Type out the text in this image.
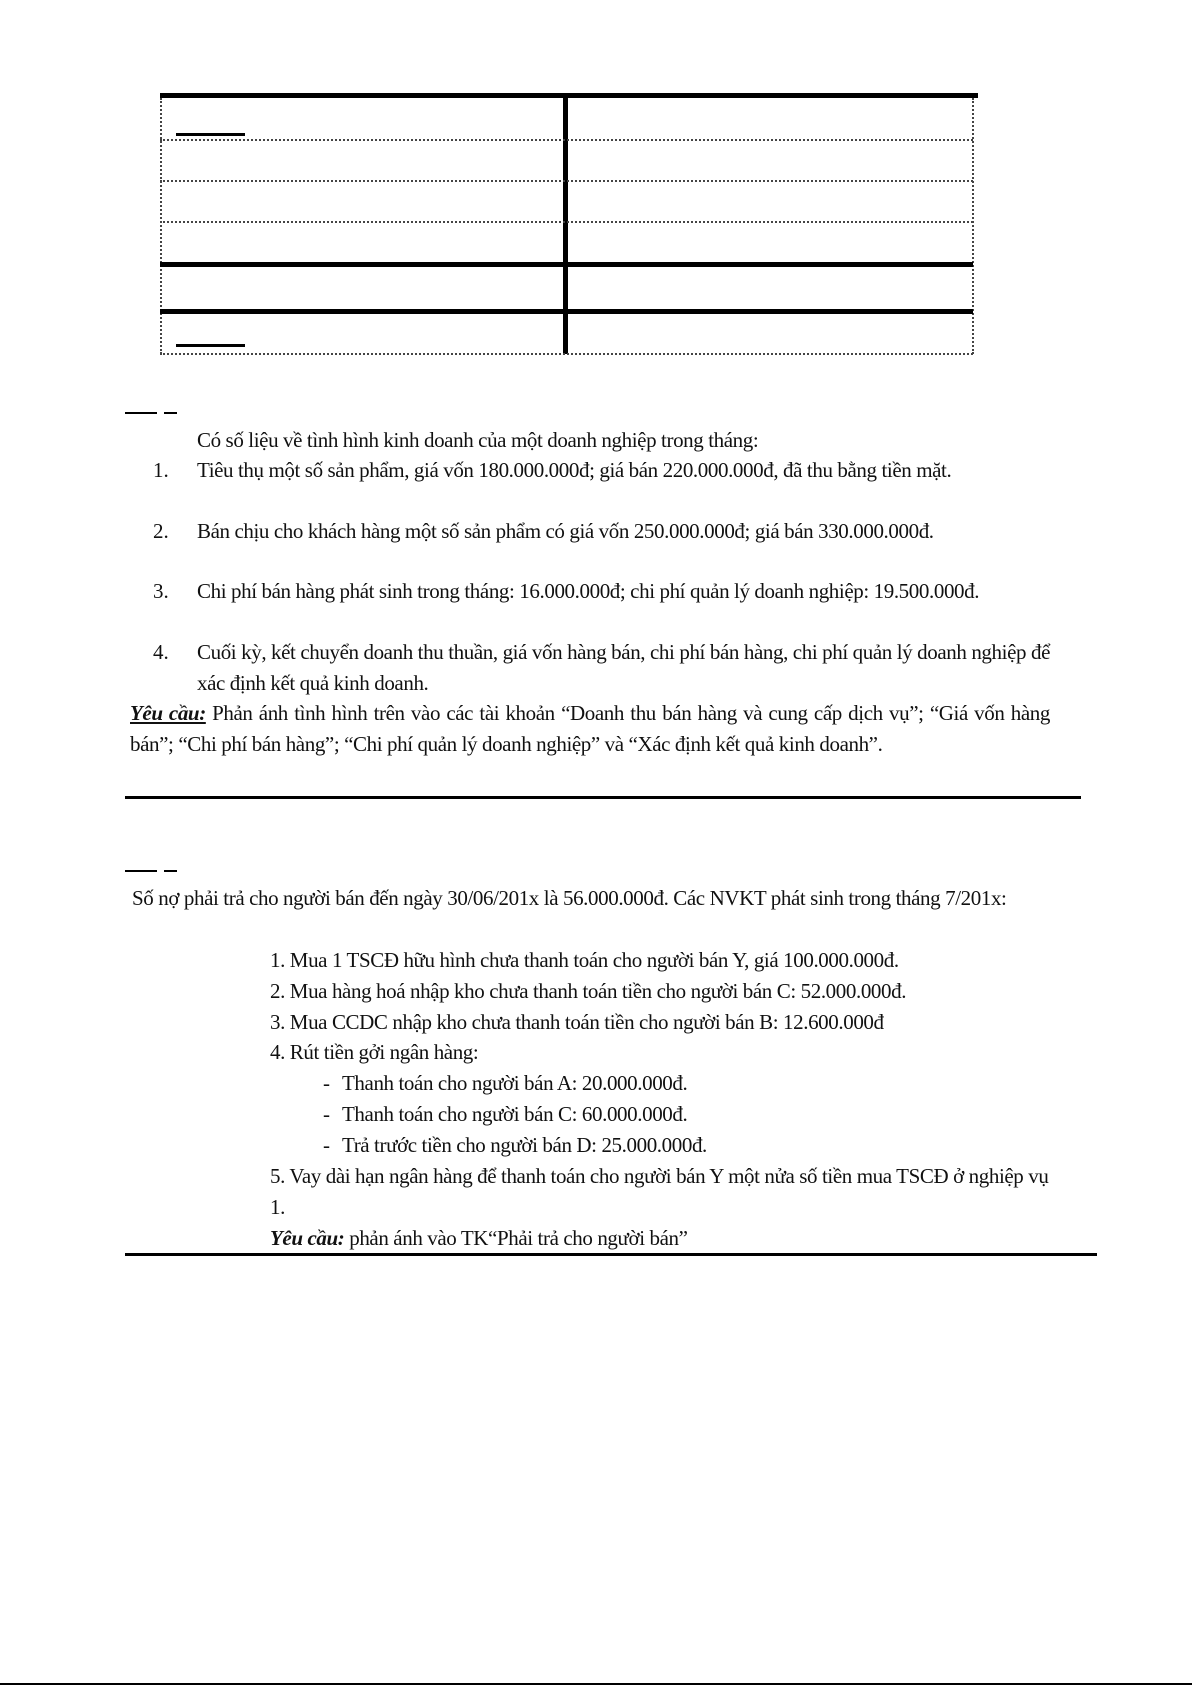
Có số liệu về tình hình kinh doanh của một doanh nghiệp trong tháng:
1. Tiêu thụ một số sản phẩm, giá vốn 180.000.000đ; giá bán 220.000.000đ, đã thu bằng tiền mặt.
2. Bán chịu cho khách hàng một số sản phẩm có giá vốn 250.000.000đ; giá bán 330.000.000đ.
3. Chi phí bán hàng phát sinh trong tháng: 16.000.000đ; chi phí quản lý doanh nghiệp: 19.500.000đ.
4. Cuối kỳ, kết chuyển doanh thu thuần, giá vốn hàng bán, chi phí bán hàng, chi phí quản lý doanh nghiệp để xác định kết quả kinh doanh.
Yêu cầu: Phản ánh tình hình trên vào các tài khoản “Doanh thu bán hàng và cung cấp dịch vụ”; “Giá vốn hàng bán”; “Chi phí bán hàng”; “Chi phí quản lý doanh nghiệp” và “Xác định kết quả kinh doanh”.
Số nợ phải trả cho người bán đến ngày 30/06/201x là 56.000.000đ. Các NVKT phát sinh trong tháng 7/201x:
1. Mua 1 TSCĐ hữu hình chưa thanh toán cho người bán Y, giá 100.000.000đ.
2. Mua hàng hoá nhập kho chưa thanh toán tiền cho người bán C: 52.000.000đ.
3. Mua CCDC nhập kho chưa thanh toán tiền cho người bán B: 12.600.000đ
4. Rút tiền gởi ngân hàng:
- Thanh toán cho người bán A: 20.000.000đ.
- Thanh toán cho người bán C: 60.000.000đ.
- Trả trước tiền cho người bán D: 25.000.000đ.
5. Vay dài hạn ngân hàng để thanh toán cho người bán Y một nửa số tiền mua TSCĐ ở nghiệp vụ 1.
Yêu cầu: phản ánh vào TK“Phải trả cho người bán”
